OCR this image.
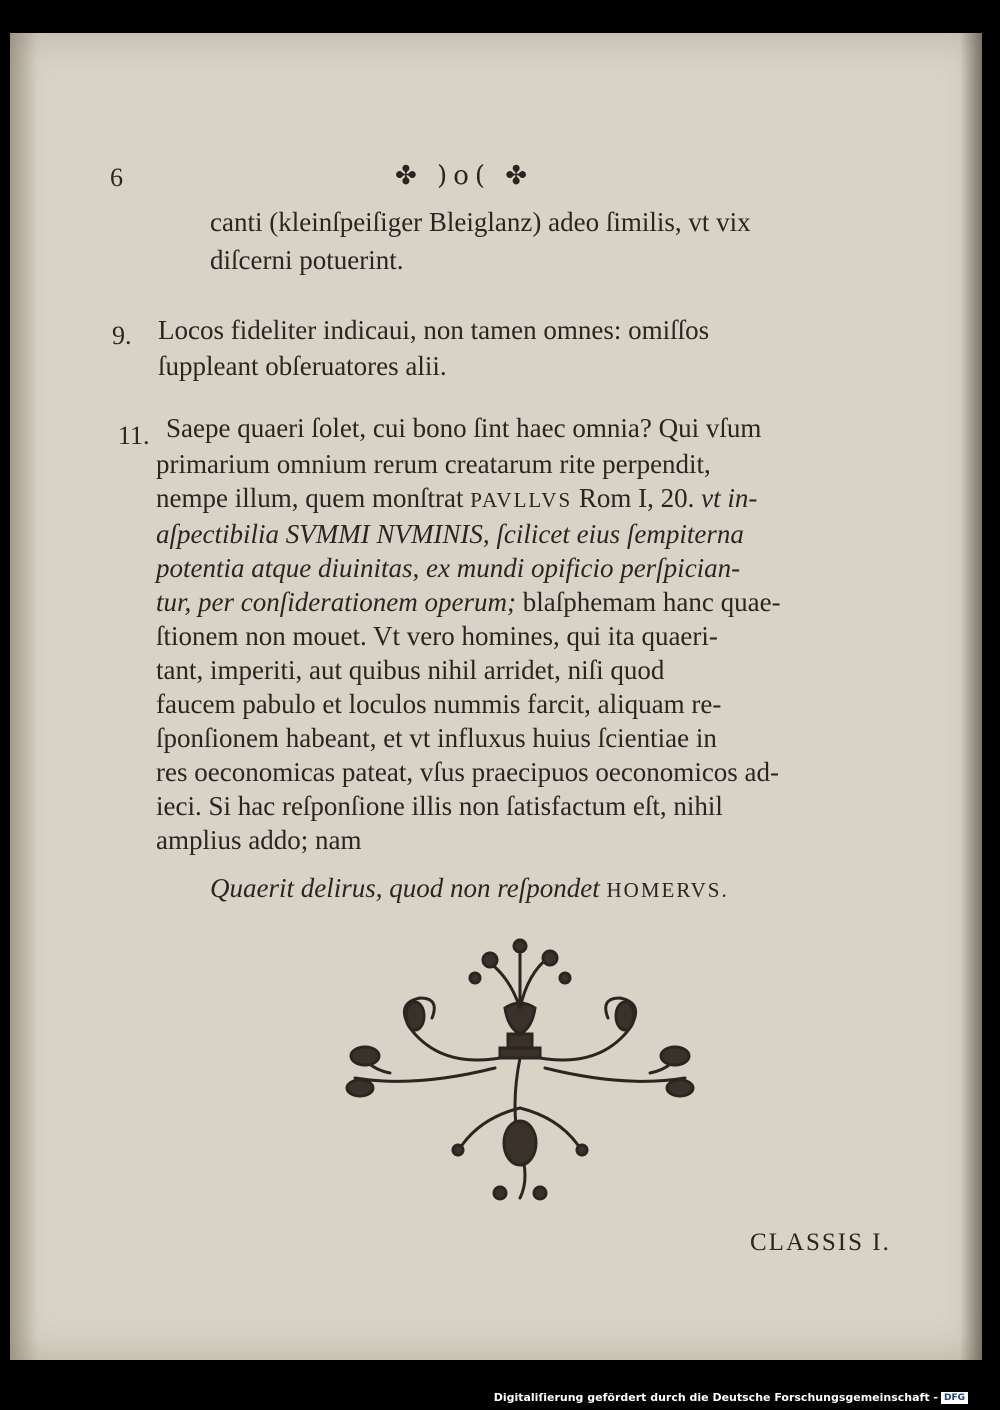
6	✤ )o( ✤
canti (kleinſpeiſiger Bleiglanz) adeo ſimilis, vt vix
diſcerni potuerint.
9. Locos fideliter indicaui, non tamen omnes: omiſſos
ſuppleant obſeruatores alii.
11. Saepe quaeri ſolet, cui bono ſint haec omnia? Qui vſum
primarium omnium rerum creatarum rite perpendit,
nempe illum, quem monſtrat PAVLLVS Rom I, 20. vt in-
aſpectibilia SVMMI NVMINIS, ſcilicet eius ſempiterna
potentia atque diuinitas, ex mundi opificio perſpician-
tur, per conſiderationem operum; blaſphemam hanc quae-
ſtionem non mouet. Vt vero homines, qui ita quaeri-
tant, imperiti, aut quibus nihil arridet, niſi quod
faucem pabulo et loculos nummis farcit, aliquam re-
ſponſionem habeant, et vt influxus huius ſcientiae in
res oeconomicas pateat, vſus praecipuos oeconomicos ad-
ieci. Si hac reſponſione illis non ſatisfactum eſt, nihil
amplius addo; nam
Quaerit delirus, quod non reſpondet HOMERVS.
CLASSIS I.
Digitaliſierung gefördert durch die Deutsche Forschungsgemeinschaft - DFG
